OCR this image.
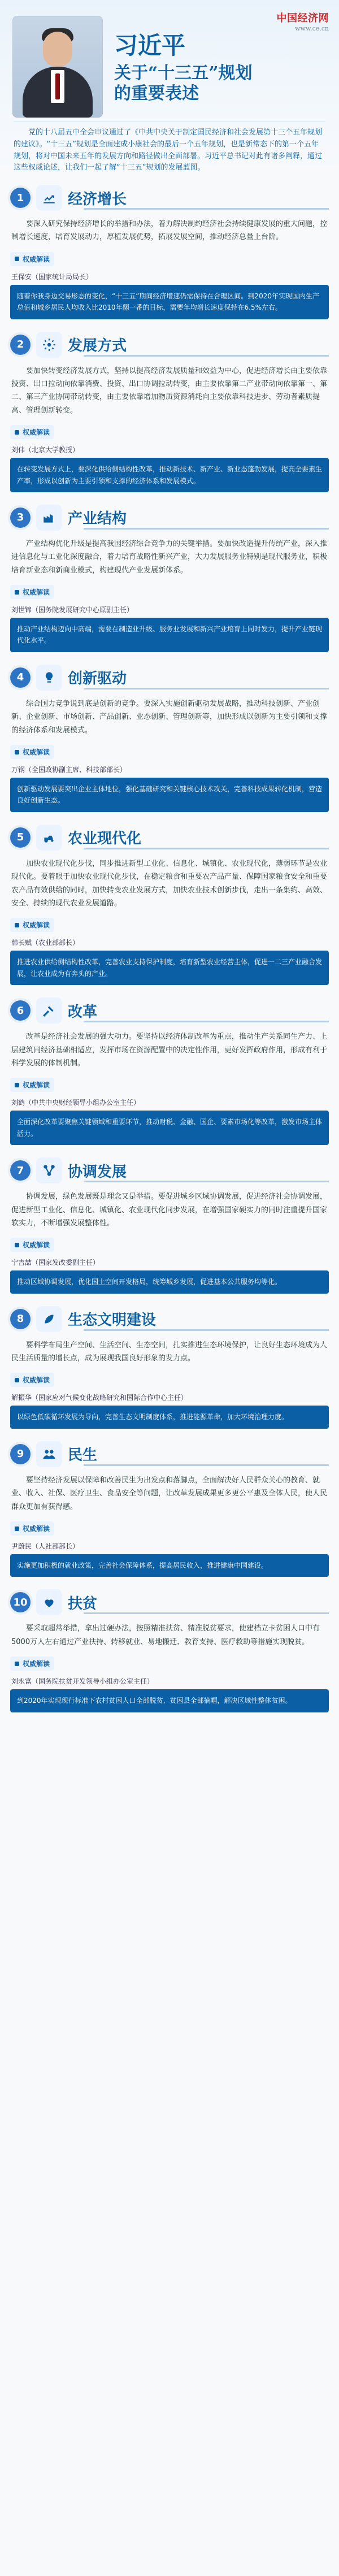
中国经济网
www.ce.cn
习近平
关于“十三五”规划
的重要表述
党的十八届五中全会审议通过了《中共中央关于制定国民经济和社会发展第十三个五年规划的建议》。“十三五”规划是全面建成小康社会的最后一个五年规划，也是新常态下的第一个五年规划，将对中国未来五年的发展方向和路径做出全面部署。习近平总书记对此有诸多阐释，通过这些权威论述，让我们一起了解“十三五”规划的发展蓝图。
1	经济增长
要深入研究保持经济增长的举措和办法，着力解决制约经济社会持续健康发展的重大问题，控制增长速度，培育发展动力，厚植发展优势，拓展发展空间，推动经济总量上台阶。
权威解读
王保安（国家统计局局长）
随着你我身边交易形态的变化，“十三五”期间经济增速仍需保持在合理区间。到2020年实现国内生产总值和城乡居民人均收入比2010年翻一番的目标，需要年均增长速度保持在6.5%左右。
2	发展方式
要加快转变经济发展方式，坚持以提高经济发展质量和效益为中心，促进经济增长由主要依靠投资、出口拉动向依靠消费、投资、出口协调拉动转变，由主要依靠第二产业带动向依靠第一、第二、第三产业协同带动转变，由主要依靠增加物质资源消耗向主要依靠科技进步、劳动者素质提高、管理创新转变。
权威解读
刘伟（北京大学教授）
在转变发展方式上，要深化供给侧结构性改革，推动新技术、新产业、新业态蓬勃发展，提高全要素生产率，形成以创新为主要引领和支撑的经济体系和发展模式。
3	产业结构
产业结构优化升级是提高我国经济综合竞争力的关键举措。要加快改造提升传统产业，深入推进信息化与工业化深度融合，着力培育战略性新兴产业，大力发展服务业特别是现代服务业，积极培育新业态和新商业模式，构建现代产业发展新体系。
权威解读
刘世锦（国务院发展研究中心原副主任）
推动产业结构迈向中高端，需要在制造业升级、服务业发展和新兴产业培育上同时发力，提升产业链现代化水平。
4	创新驱动
综合国力竞争说到底是创新的竞争。要深入实施创新驱动发展战略，推动科技创新、产业创新、企业创新、市场创新、产品创新、业态创新、管理创新等，加快形成以创新为主要引领和支撑的经济体系和发展模式。
权威解读
万钢（全国政协副主席、科技部部长）
创新驱动发展要突出企业主体地位，强化基础研究和关键核心技术攻关，完善科技成果转化机制，营造良好创新生态。
5	农业现代化
加快农业现代化步伐，同步推进新型工业化、信息化、城镇化、农业现代化，薄弱环节是农业现代化。要着眼于加快农业现代化步伐，在稳定粮食和重要农产品产量、保障国家粮食安全和重要农产品有效供给的同时，加快转变农业发展方式，加快农业技术创新步伐，走出一条集约、高效、安全、持续的现代农业发展道路。
权威解读
韩长赋（农业部部长）
推进农业供给侧结构性改革，完善农业支持保护制度，培育新型农业经营主体，促进一二三产业融合发展，让农业成为有奔头的产业。
6	改革
改革是经济社会发展的强大动力。要坚持以经济体制改革为重点，推动生产关系同生产力、上层建筑同经济基础相适应，发挥市场在资源配置中的决定性作用，更好发挥政府作用，形成有利于科学发展的体制机制。
权威解读
刘鹤（中共中央财经领导小组办公室主任）
全面深化改革要聚焦关键领域和重要环节，推动财税、金融、国企、要素市场化等改革，激发市场主体活力。
7	协调发展
协调发展，绿色发展既是理念又是举措。要促进城乡区域协调发展，促进经济社会协调发展，促进新型工业化、信息化、城镇化、农业现代化同步发展，在增强国家硬实力的同时注重提升国家软实力，不断增强发展整体性。
权威解读
宁吉喆（国家发改委副主任）
推动区域协调发展，优化国土空间开发格局，统筹城乡发展，促进基本公共服务均等化。
8	生态文明建设
要科学布局生产空间、生活空间、生态空间，扎实推进生态环境保护，让良好生态环境成为人民生活质量的增长点，成为展现我国良好形象的发力点。
权威解读
解振华（国家应对气候变化战略研究和国际合作中心主任）
以绿色低碳循环发展为导向，完善生态文明制度体系，推进能源革命，加大环境治理力度。
9	民生
要坚持经济发展以保障和改善民生为出发点和落脚点，全面解决好人民群众关心的教育、就业、收入、社保、医疗卫生、食品安全等问题，让改革发展成果更多更公平惠及全体人民，使人民群众更加有获得感。
权威解读
尹蔚民（人社部部长）
实施更加积极的就业政策，完善社会保障体系，提高居民收入，推进健康中国建设。
10	扶贫
要采取超常举措，拿出过硬办法，按照精准扶贫、精准脱贫要求，使建档立卡贫困人口中有5000万人左右通过产业扶持、转移就业、易地搬迁、教育支持、医疗救助等措施实现脱贫。
权威解读
刘永富（国务院扶贫开发领导小组办公室主任）
到2020年实现现行标准下农村贫困人口全部脱贫、贫困县全部摘帽，解决区域性整体贫困。
